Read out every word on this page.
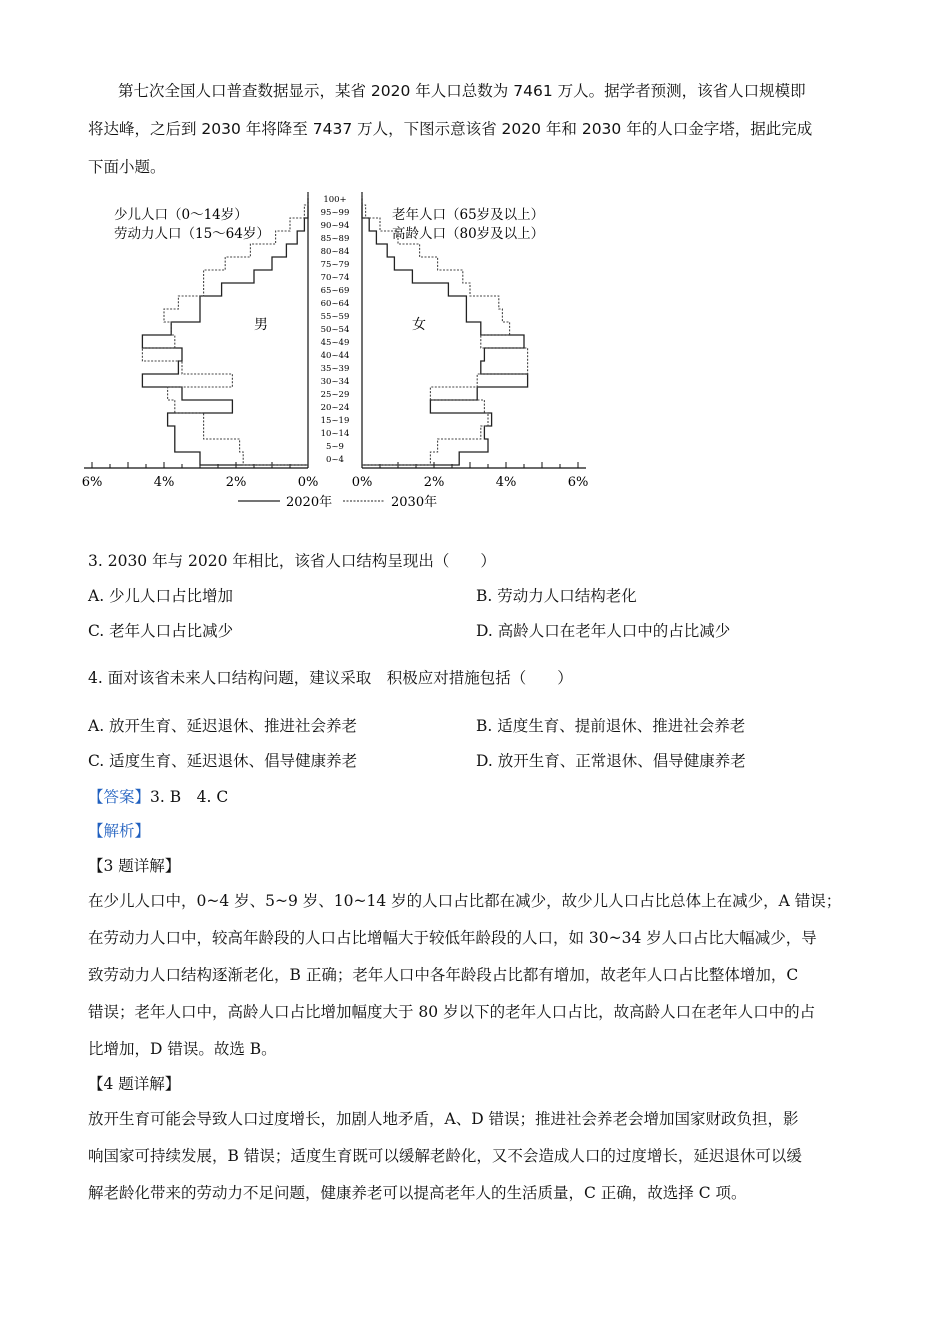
第七次全国人口普查数据显示，某省 2020 年人口总数为 7461 万人。据学者预测，该省人口规模即
将达峰，之后到 2030 年将降至 7437 万人，下图示意该省 2020 年和 2030 年的人口金字塔，据此完成
下面小题。
6%	4%	2%	0%	0%	2%	4%	6%
0~4
5~9
10~14
15~19
20~24
25~29
30~34
35~39
40~44
45~49
50~54
55~59
60~64
65~69
70~74
75~79
80~84
85~89
90~94
95~99
100+
少儿人口（0～14岁）
劳动力人口（15～64岁）
老年人口（65岁及以上）
高龄人口（80岁及以上）
男	女
2020年	2030年
3. 2030 年与 2020 年相比，该省人口结构呈现出（　　）
A. 少儿人口占比增加	B. 劳动力人口结构老化
C. 老年人口占比减少	D. 高龄人口在老年人口中的占比减少
4. 面对该省未来人口结构问题，建议采取　积极应对措施包括（　　）
A. 放开生育、延迟退休、推进社会养老	B. 适度生育、提前退休、推进社会养老
C. 适度生育、延迟退休、倡导健康养老	D. 放开生育、正常退休、倡导健康养老
【答案】3. B　4. C
【解析】
【3 题详解】
在少儿人口中，0~4 岁、5~9 岁、10~14 岁的人口占比都在减少，故少儿人口占比总体上在减少，A 错误；
在劳动力人口中，较高年龄段的人口占比增幅大于较低年龄段的人口，如 30~34 岁人口占比大幅减少，导
致劳动力人口结构逐渐老化，B 正确；老年人口中各年龄段占比都有增加，故老年人口占比整体增加，C
错误；老年人口中，高龄人口占比增加幅度大于 80 岁以下的老年人口占比，故高龄人口在老年人口中的占
比增加，D 错误。故选 B。
【4 题详解】
放开生育可能会导致人口过度增长，加剧人地矛盾，A、D 错误；推进社会养老会增加国家财政负担，影
响国家可持续发展，B 错误；适度生育既可以缓解老龄化，又不会造成人口的过度增长，延迟退休可以缓
解老龄化带来的劳动力不足问题，健康养老可以提高老年人的生活质量，C 正确，故选择 C 项。
